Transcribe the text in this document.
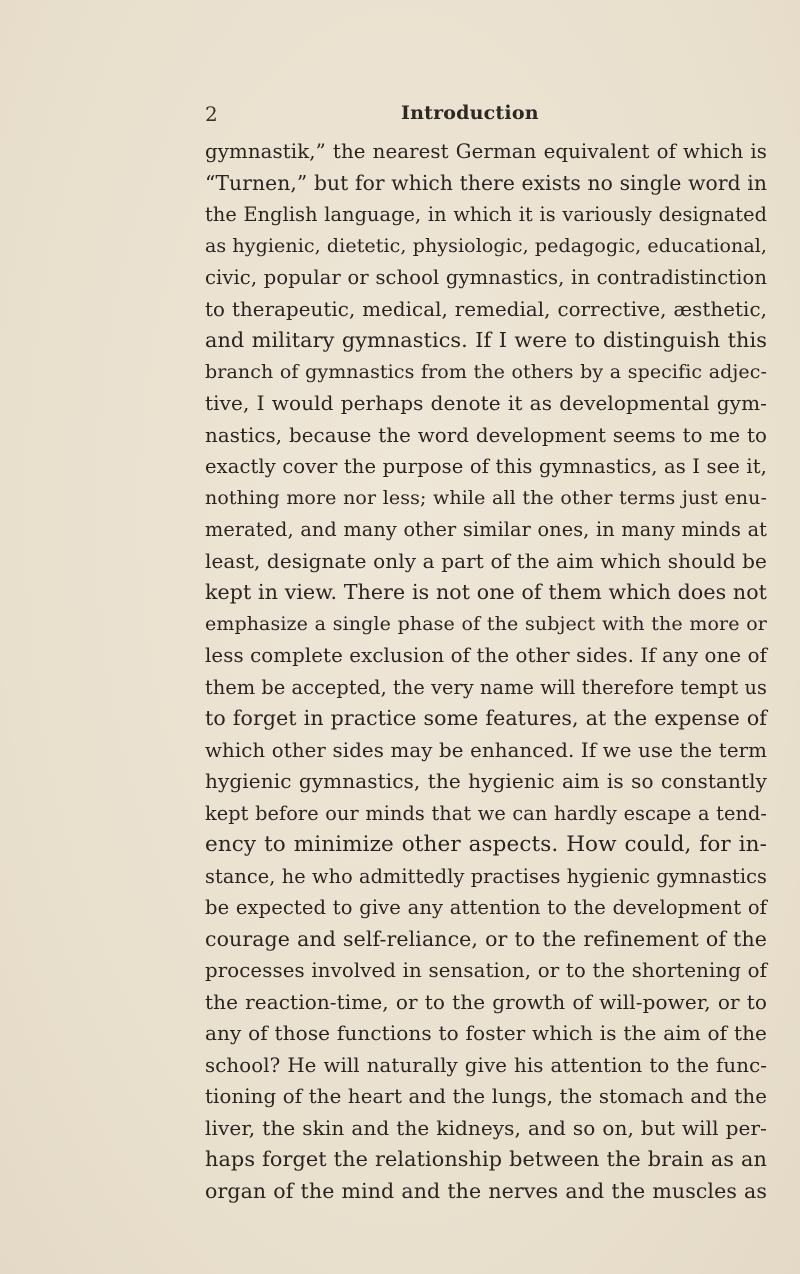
2	Introduction
gymnastik,” the nearest German equivalent of which is
“Turnen,” but for which there exists no single word in
the English language, in which it is variously designated
as hygienic, dietetic, physiologic, pedagogic, educational,
civic, popular or school gymnastics, in contradistinction
to therapeutic, medical, remedial, corrective, æsthetic,
and military gymnastics. If I were to distinguish this
branch of gymnastics from the others by a specific adjec-
tive, I would perhaps denote it as developmental gym-
nastics, because the word development seems to me to
exactly cover the purpose of this gymnastics, as I see it,
nothing more nor less; while all the other terms just enu-
merated, and many other similar ones, in many minds at
least, designate only a part of the aim which should be
kept in view. There is not one of them which does not
emphasize a single phase of the subject with the more or
less complete exclusion of the other sides. If any one of
them be accepted, the very name will therefore tempt us
to forget in practice some features, at the expense of
which other sides may be enhanced. If we use the term
hygienic gymnastics, the hygienic aim is so constantly
kept before our minds that we can hardly escape a tend-
ency to minimize other aspects. How could, for in-
stance, he who admittedly practises hygienic gymnastics
be expected to give any attention to the development of
courage and self-reliance, or to the refinement of the
processes involved in sensation, or to the shortening of
the reaction-time, or to the growth of will-power, or to
any of those functions to foster which is the aim of the
school? He will naturally give his attention to the func-
tioning of the heart and the lungs, the stomach and the
liver, the skin and the kidneys, and so on, but will per-
haps forget the relationship between the brain as an
organ of the mind and the nerves and the muscles as
